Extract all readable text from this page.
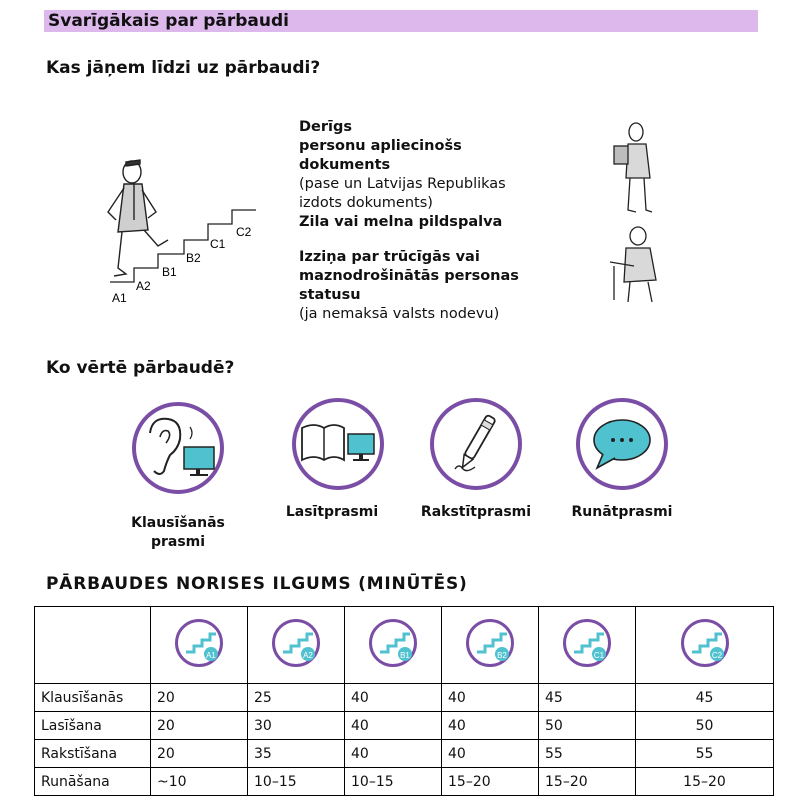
Svarīgākais par pārbaudi
Kas jāņem līdzi uz pārbaudi?
A1
A2
B1
B2
C1
C2
Derīgs
personu apliecinošs
dokuments
(pase un Latvijas Republikas
izdots dokuments)
Zila vai melna pildspalva
Izziņa par trūcīgās vai
maznodrošinātās personas
statusu
(ja nemaksā valsts nodevu)
Ko vērtē pārbaudē?
Klausīšanās
prasmi
Lasītprasmi	Rakstītprasmi	Runātprasmi
PĀRBAUDES NORISES ILGUMS (MINŪTĒS)

A1	A2	B1	B2	C1	C2

Klausīšanās	20	25	40	40	45	45
Lasīšana	20	30	40	40	50	50
Rakstīšana	20	35	40	40	55	55
Runāšana	~10	10–15	10–15	15–20	15–20	15–20
